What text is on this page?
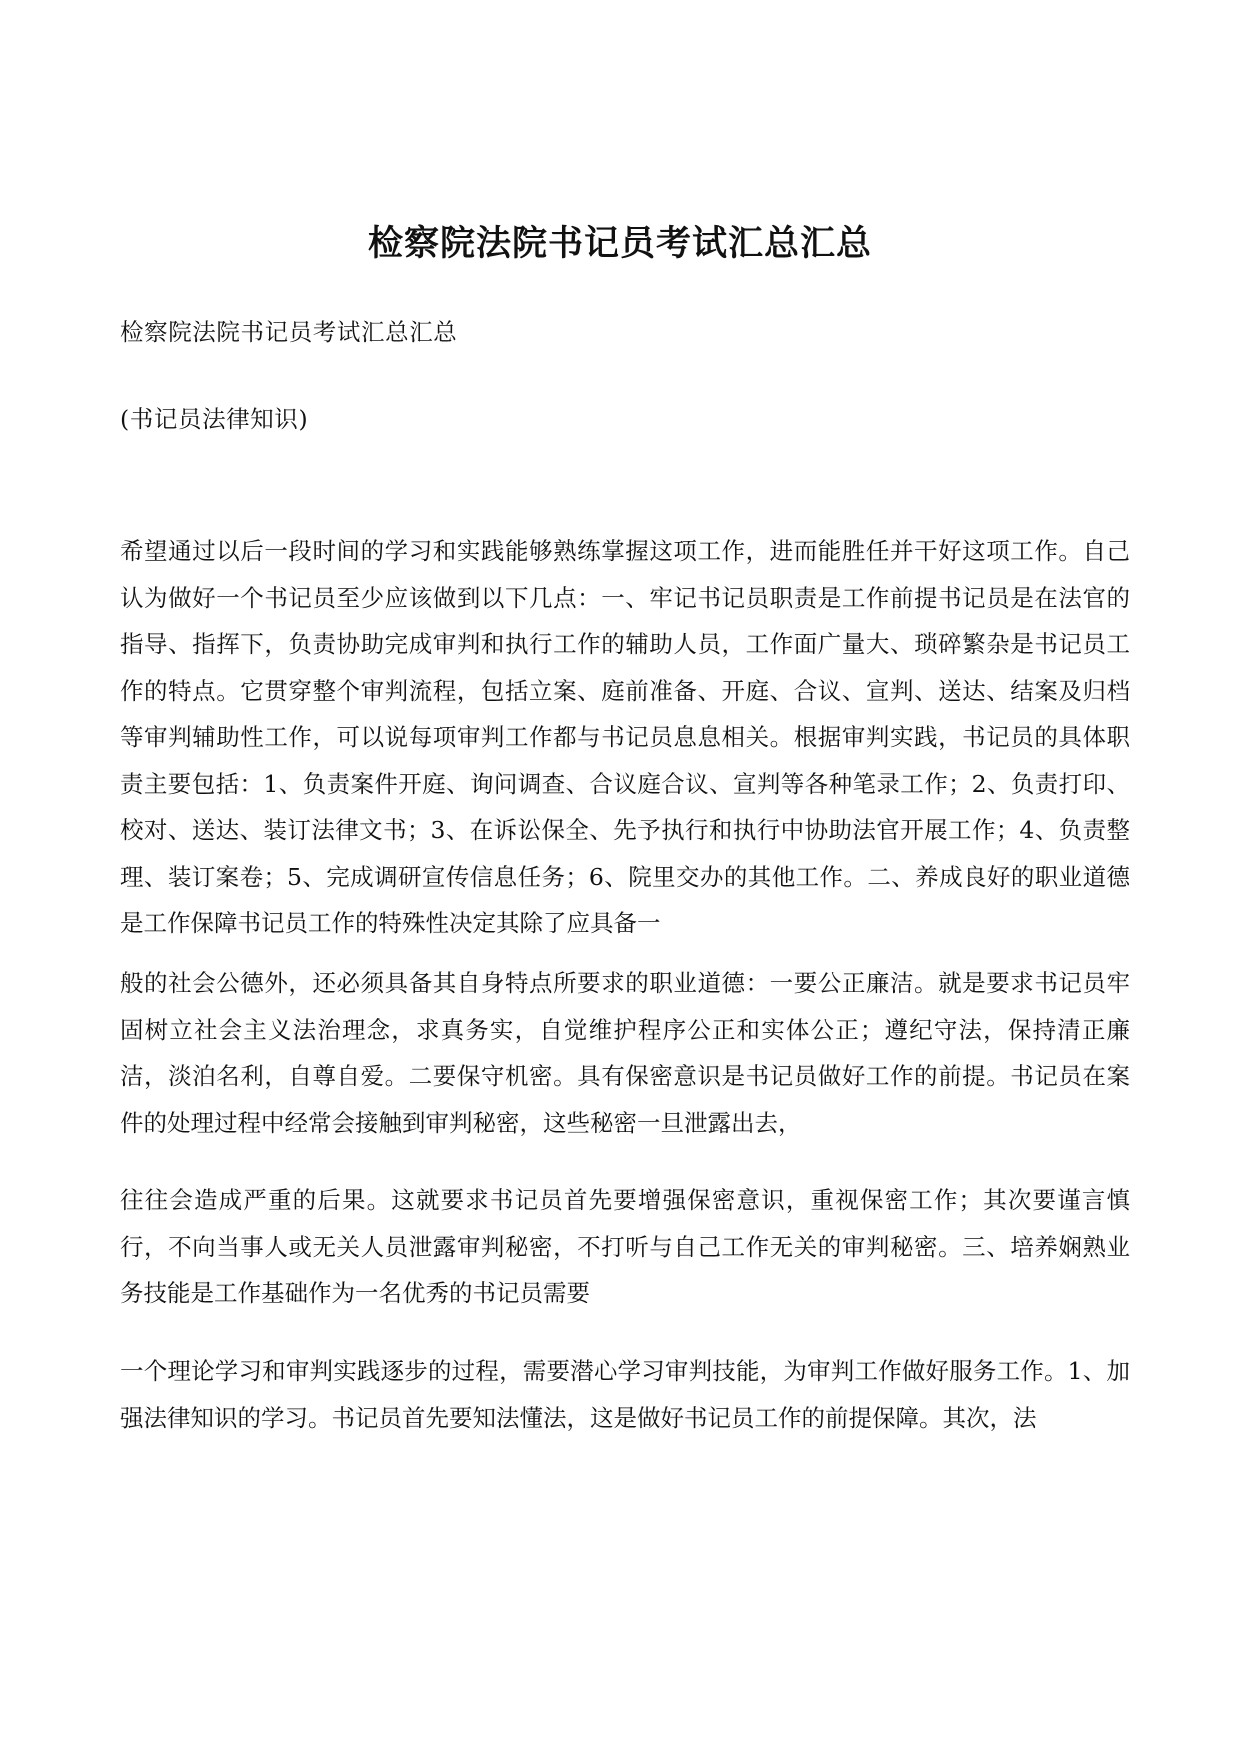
检察院法院书记员考试汇总汇总
检察院法院书记员考试汇总汇总
(书记员法律知识)
希望通过以后一段时间的学习和实践能够熟练掌握这项工作，进而能胜任并干好这项工作。自己认为做好一个书记员至少应该做到以下几点：一、牢记书记员职责是工作前提书记员是在法官的指导、指挥下，负责协助完成审判和执行工作的辅助人员，工作面广量大、琐碎繁杂是书记员工作的特点。它贯穿整个审判流程，包括立案、庭前准备、开庭、合议、宣判、送达、结案及归档等审判辅助性工作，可以说每项审判工作都与书记员息息相关。根据审判实践，书记员的具体职责主要包括：1、负责案件开庭、询问调查、合议庭合议、宣判等各种笔录工作；2、负责打印、校对、送达、装订法律文书；3、在诉讼保全、先予执行和执行中协助法官开展工作；4、负责整理、装订案卷；5、完成调研宣传信息任务；6、院里交办的其他工作。二、养成良好的职业道德是工作保障书记员工作的特殊性决定其除了应具备一
般的社会公德外，还必须具备其自身特点所要求的职业道德：一要公正廉洁。就是要求书记员牢固树立社会主义法治理念，求真务实，自觉维护程序公正和实体公正；遵纪守法，保持清正廉洁，淡泊名利，自尊自爱。二要保守机密。具有保密意识是书记员做好工作的前提。书记员在案件的处理过程中经常会接触到审判秘密，这些秘密一旦泄露出去，
往往会造成严重的后果。这就要求书记员首先要增强保密意识，重视保密工作；其次要谨言慎行，不向当事人或无关人员泄露审判秘密，不打听与自己工作无关的审判秘密。三、培养娴熟业务技能是工作基础作为一名优秀的书记员需要
一个理论学习和审判实践逐步的过程，需要潜心学习审判技能，为审判工作做好服务工作。1、加强法律知识的学习。书记员首先要知法懂法，这是做好书记员工作的前提保障。其次，法
